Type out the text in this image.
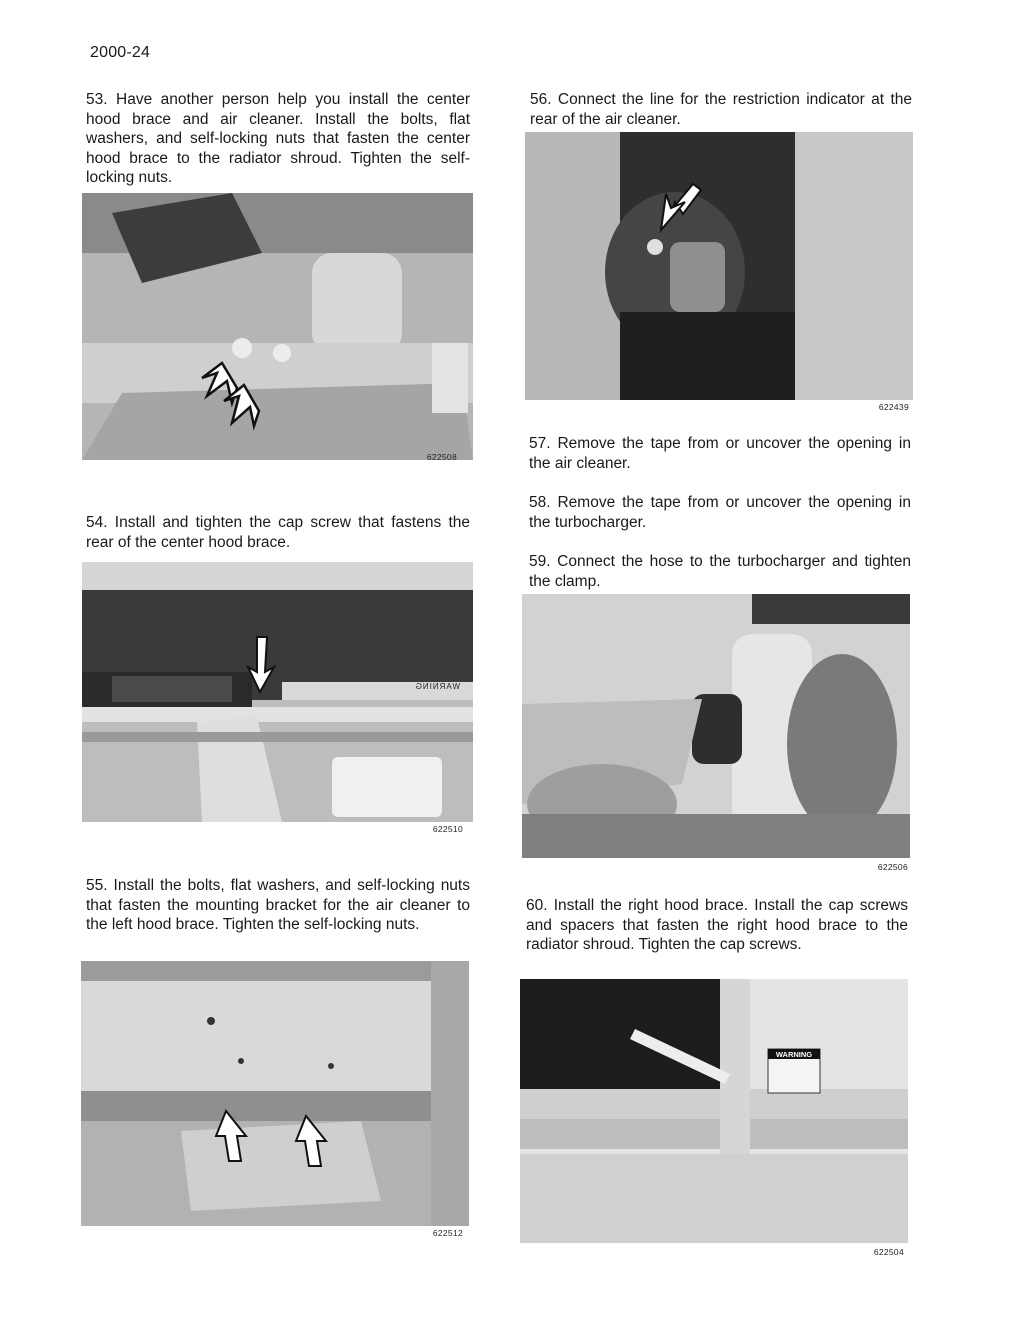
2000-24

53. Have another person help you install the center hood brace and air cleaner. Install the bolts, flat washers, and self-locking nuts that fasten the center hood brace to the radiator shroud. Tighten the self-locking nuts.

622508

54. Install and tighten the cap screw that fastens the rear of the center hood brace.

622510

55. Install the bolts, flat washers, and self-locking nuts that fasten the mounting bracket for the air cleaner to the left hood brace. Tighten the self-locking nuts.

622512

56. Connect the line for the restriction indicator at the rear of the air cleaner.

622439

57. Remove the tape from or uncover the opening in the air cleaner.

58. Remove the tape from or uncover the opening in the turbocharger.

59. Connect the hose to the turbocharger and tighten the clamp.

622506

60. Install the right hood brace. Install the cap screws and spacers that fasten the right hood brace to the radiator shroud. Tighten the cap screws.

WARNING
622504
WARNING
